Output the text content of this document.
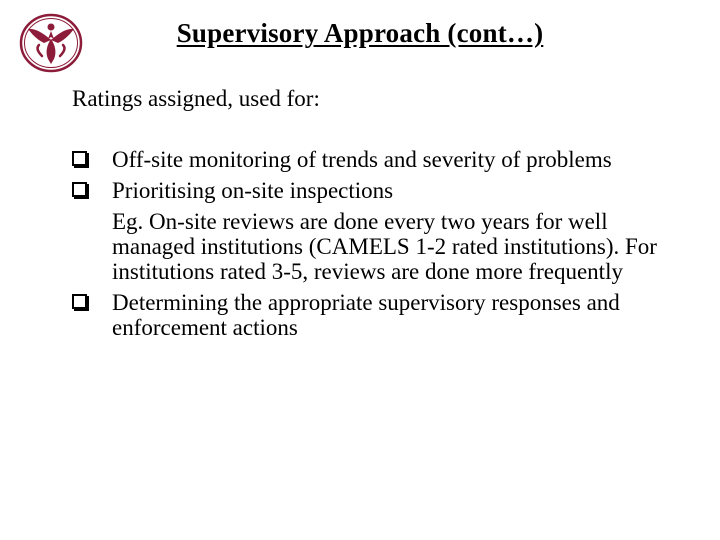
Supervisory Approach (cont…)
Ratings assigned, used for:
Off-site monitoring of trends and severity of problems
Prioritising on-site inspections
Eg. On-site reviews are done every two years for well managed institutions (CAMELS 1-2 rated institutions). For institutions rated 3-5, reviews are done more frequently
Determining the appropriate supervisory responses and enforcement actions
